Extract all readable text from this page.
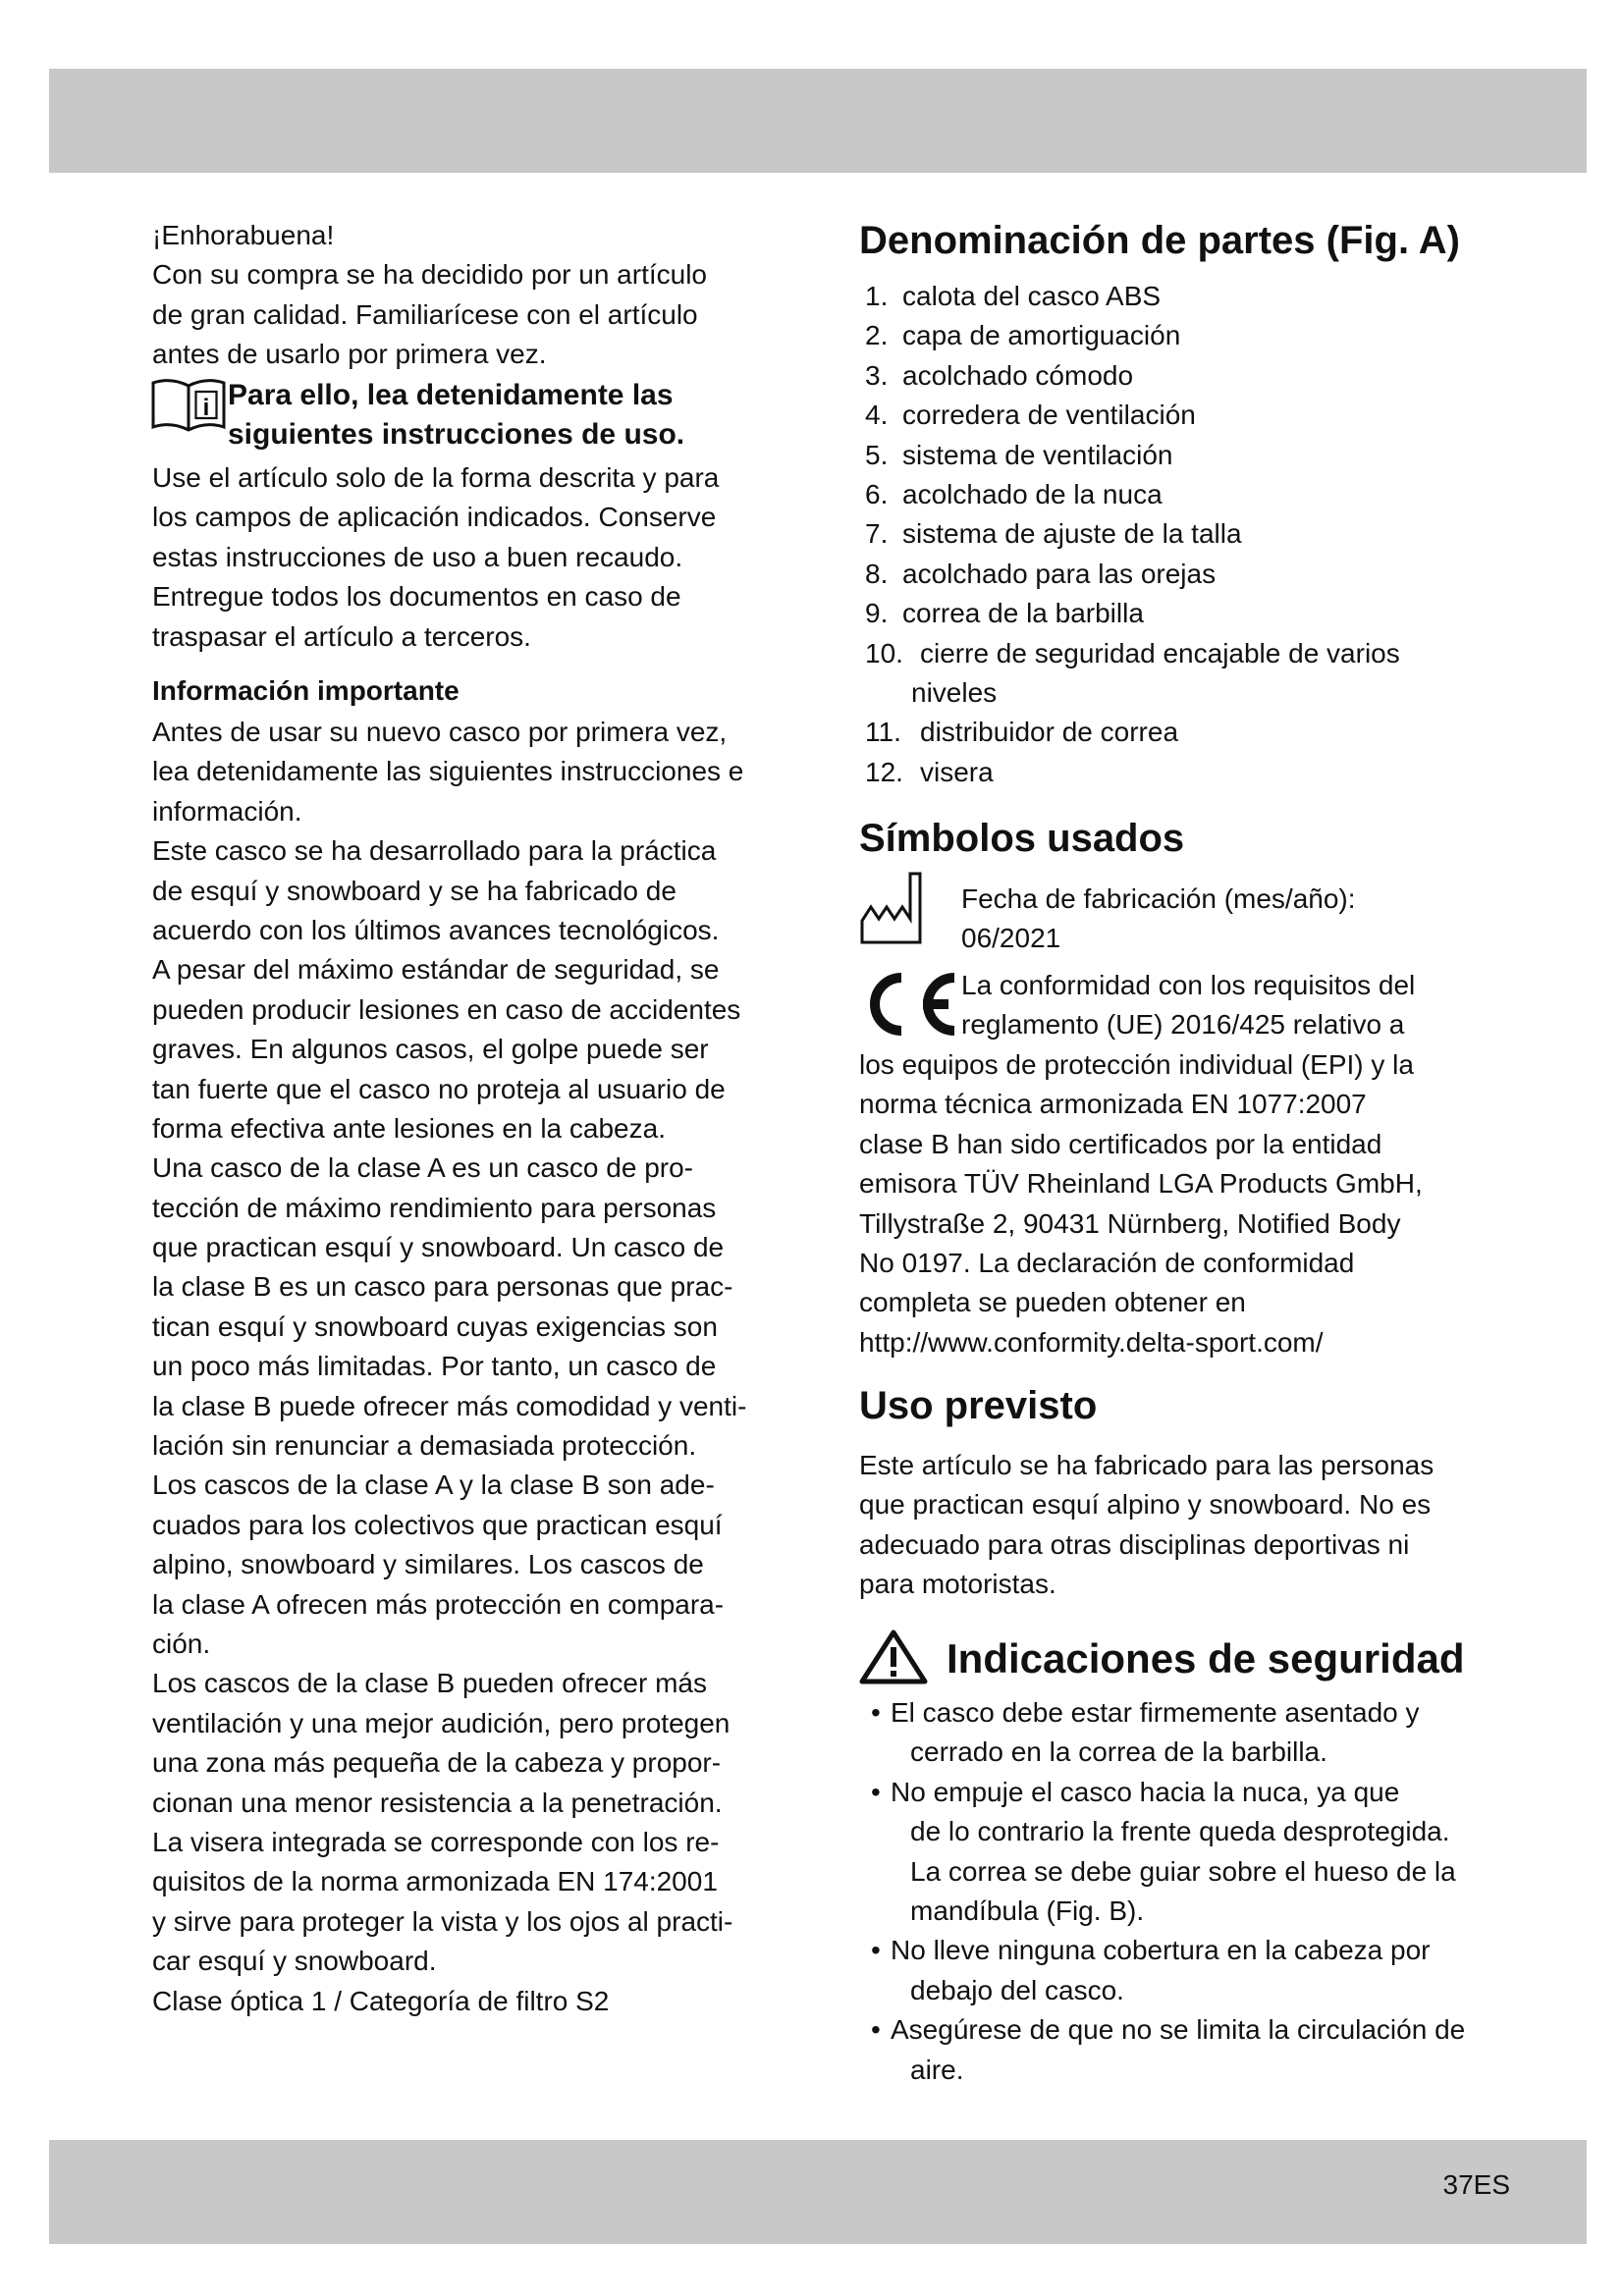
37ES
¡Enhorabuena!
Con su compra se ha decidido por un artículo
de gran calidad. Familiarícese con el artículo
antes de usarlo por primera vez.
i Para ello, lea detenidamente las
siguientes instrucciones de uso.
Use el artículo solo de la forma descrita y para
los campos de aplicación indicados. Conserve
estas instrucciones de uso a buen recaudo.
Entregue todos los documentos en caso de
traspasar el artículo a terceros.
Información importante
Antes de usar su nuevo casco por primera vez,
lea detenidamente las siguientes instrucciones e
información.
Este casco se ha desarrollado para la práctica
de esquí y snowboard y se ha fabricado de
acuerdo con los últimos avances tecnológicos.
A pesar del máximo estándar de seguridad, se
pueden producir lesiones en caso de accidentes
graves. En algunos casos, el golpe puede ser
tan fuerte que el casco no proteja al usuario de
forma efectiva ante lesiones en la cabeza.
Una casco de la clase A es un casco de pro-
tección de máximo rendimiento para personas
que practican esquí y snowboard. Un casco de
la clase B es un casco para personas que prac-
tican esquí y snowboard cuyas exigencias son
un poco más limitadas. Por tanto, un casco de
la clase B puede ofrecer más comodidad y venti-
lación sin renunciar a demasiada protección.
Los cascos de la clase A y la clase B son ade-
cuados para los colectivos que practican esquí
alpino, snowboard y similares. Los cascos de
la clase A ofrecen más protección en compara-
ción.
Los cascos de la clase B pueden ofrecer más
ventilación y una mejor audición, pero protegen
una zona más pequeña de la cabeza y propor-
cionan una menor resistencia a la penetración.
La visera integrada se corresponde con los re-
quisitos de la norma armonizada EN 174:2001
y sirve para proteger la vista y los ojos al practi-
car esquí y snowboard.
Clase óptica 1 / Categoría de filtro S2
Denominación de partes (Fig. A)
1. calota del casco ABS
2. capa de amortiguación
3. acolchado cómodo
4. corredera de ventilación
5. sistema de ventilación
6. acolchado de la nuca
7. sistema de ajuste de la talla
8. acolchado para las orejas
9. correa de la barbilla
10. cierre de seguridad encajable de varios
niveles
11. distribuidor de correa
12. visera
Símbolos usados
Fecha de fabricación (mes/año):
06/2021
La conformidad con los requisitos del
reglamento (UE) 2016/425 relativo a
los equipos de protección individual (EPI) y la
norma técnica armonizada EN 1077:2007
clase B han sido certificados por la entidad
emisora TÜV Rheinland LGA Products GmbH,
Tillystraße 2, 90431 Nürnberg, Notified Body
No 0197. La declaración de conformidad
completa se pueden obtener en
http://www.conformity.delta-sport.com/
Uso previsto
Este artículo se ha fabricado para las personas
que practican esquí alpino y snowboard. No es
adecuado para otras disciplinas deportivas ni
para motoristas.
Indicaciones de seguridad
• El casco debe estar firmemente asentado y
cerrado en la correa de la barbilla.
• No empuje el casco hacia la nuca, ya que
de lo contrario la frente queda desprotegida.
La correa se debe guiar sobre el hueso de la
mandíbula (Fig. B).
• No lleve ninguna cobertura en la cabeza por
debajo del casco.
• Asegúrese de que no se limita la circulación de
aire.
